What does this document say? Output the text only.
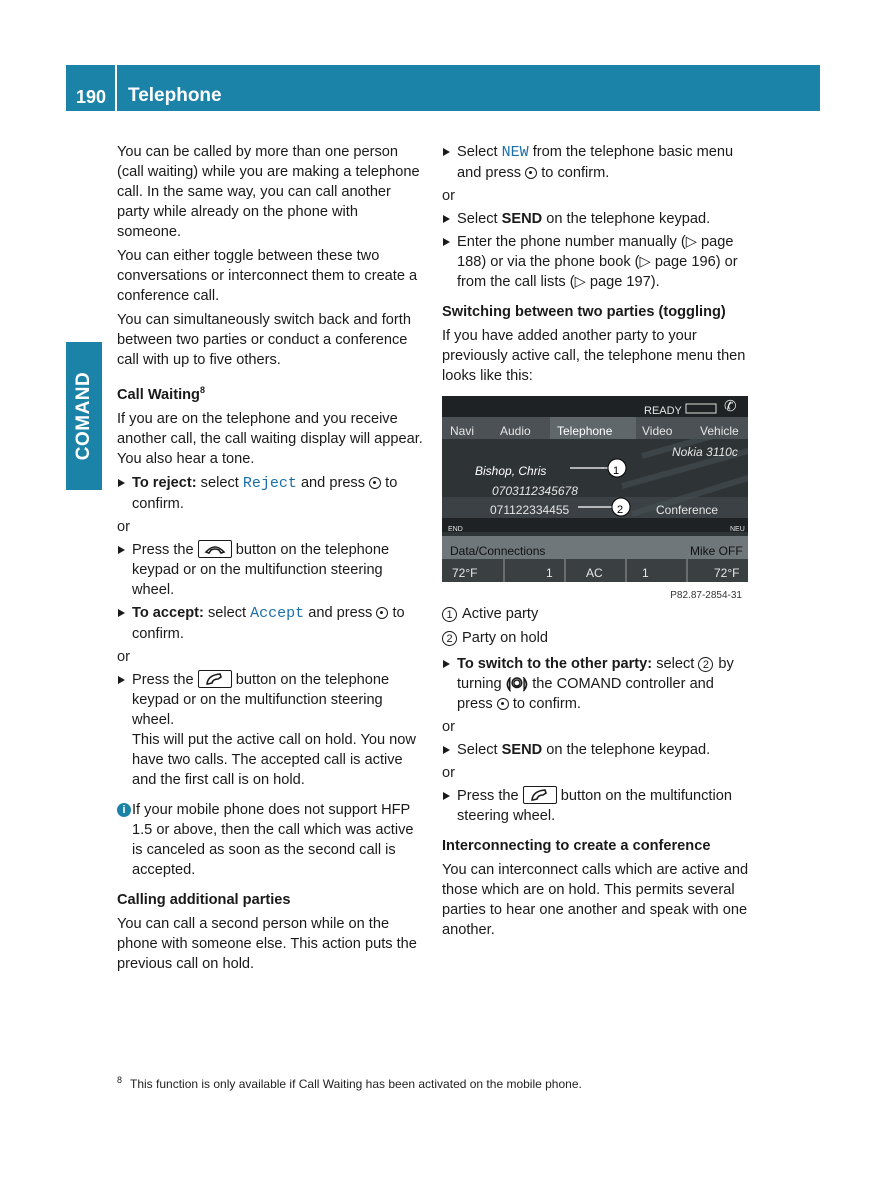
190 Telephone
COMAND

You can be called by more than one person (call waiting) while you are making a telephone call. In the same way, you can call another party while already on the phone with someone.

You can either toggle between these two conversations or interconnect them to create a conference call.

You can simultaneously switch back and forth between two parties or conduct a conference call with up to five others.

Call Waiting$^8$

If you are on the telephone and you receive another call, the call waiting display will appear. You also hear a tone.

To reject: select Reject and press to confirm.
or
Press the	button on the telephone keypad or on the multifunction steering wheel.
To accept: select Accept and press to confirm.
or
Press the	button on the telephone keypad or on the multifunction steering wheel.
This will put the active call on hold. You now have two calls. The accepted call is active and the first call is on hold.
i If your mobile phone does not support HFP 1.5 or above, then the call which was active is canceled as soon as the second call is accepted.
Calling additional parties

You can call a second person while on the phone with someone else. This action puts the previous call on hold.

Select NEW from the telephone basic menu and press to confirm.
or
Select SEND on the telephone keypad.
Enter the phone number manually (▷ page 188) or via the phone book (▷ page 196) or from the call lists (▷ page 197).
Switching between two parties (toggling)

If you have added another party to your previously active call, the telephone menu then looks like this:

READY	✆
Navi Audio Telephone Video Vehicle
Nokia 3110c
Bishop, Chris
0703112345678
071122334455	Conference
END	NEU
Data/Connections	Mike OFF
72°F	1	AC	1	72°F
1
2
P82.87-2854-31

1 Active party

2 Party on hold

To switch to the other party: select 2 by turning ⟬◎⟭ the COMAND controller and press to confirm.
or
Select SEND on the telephone keypad.
or
Press the	button on the multifunction steering wheel.
Interconnecting to create a conference

You can interconnect calls which are active and those which are on hold. This permits several parties to hear one another and speak with one another.

$^8$ This function is only available if Call Waiting has been activated on the mobile phone.
